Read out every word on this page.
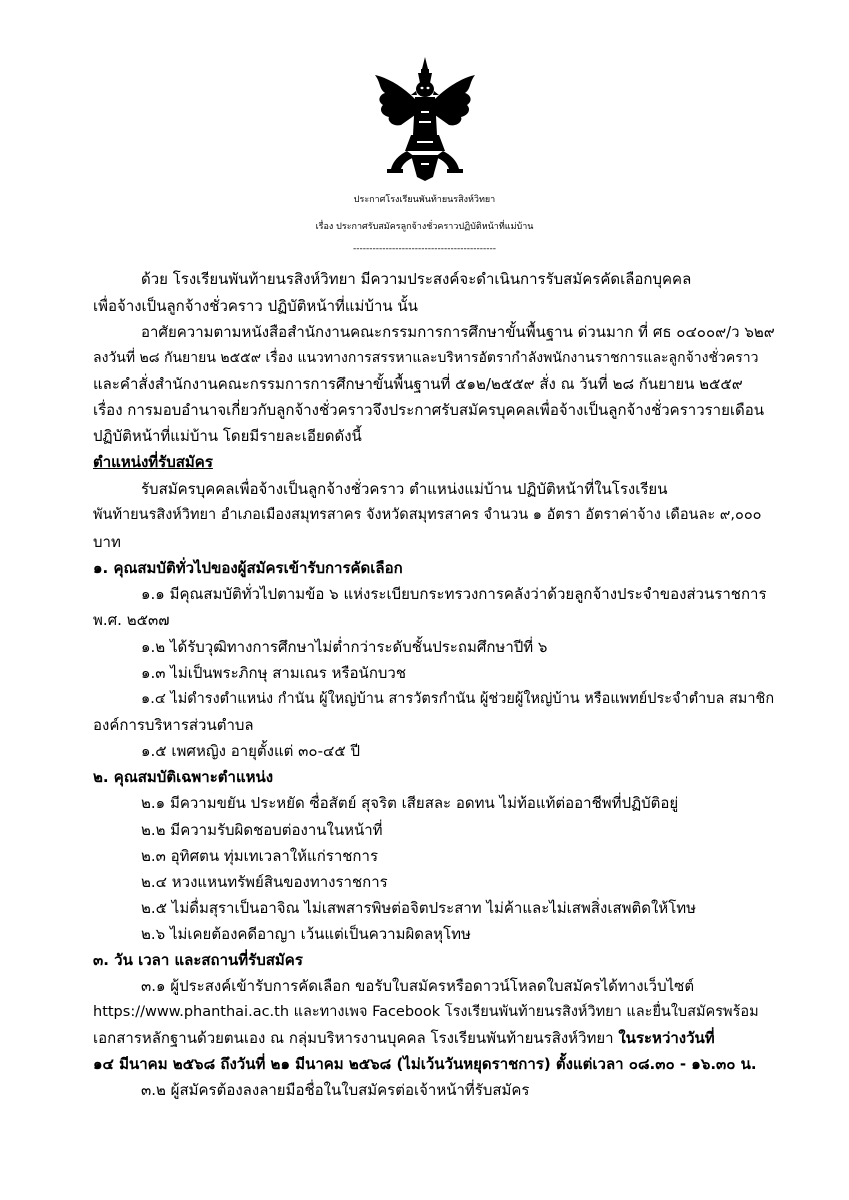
ประกาศโรงเรียนพันท้ายนรสิงห์วิทยา
เรื่อง ประกาศรับสมัครลูกจ้างชั่วคราวปฏิบัติหน้าที่แม่บ้าน
--------------------------------------------
ด้วย โรงเรียนพันท้ายนรสิงห์วิทยา มีความประสงค์จะดำเนินการรับสมัครคัดเลือกบุคคล
เพื่อจ้างเป็นลูกจ้างชั่วคราว ปฏิบัติหน้าที่แม่บ้าน นั้น
อาศัยความตามหนังสือสำนักงานคณะกรรมการการศึกษาขั้นพื้นฐาน ด่วนมาก ที่ ศธ ๐๔๐๐๙/ว ๖๒๙
ลงวันที่ ๒๘ กันยายน ๒๕๕๙ เรื่อง แนวทางการสรรหาและบริหารอัตรากำลังพนักงานราชการและลูกจ้างชั่วคราว
และคำสั่งสำนักงานคณะกรรมการการศึกษาขั้นพื้นฐานที่ ๕๑๒/๒๕๕๙ สั่ง ณ วันที่ ๒๘ กันยายน ๒๕๕๙
เรื่อง การมอบอำนาจเกี่ยวกับลูกจ้างชั่วคราวจึงประกาศรับสมัครบุคคลเพื่อจ้างเป็นลูกจ้างชั่วคราวรายเดือน
ปฏิบัติหน้าที่แม่บ้าน โดยมีรายละเอียดดังนี้
ตำแหน่งที่รับสมัคร
รับสมัครบุคคลเพื่อจ้างเป็นลูกจ้างชั่วคราว ตำแหน่งแม่บ้าน ปฏิบัติหน้าที่ในโรงเรียน
พันท้ายนรสิงห์วิทยา อำเภอเมืองสมุทรสาคร จังหวัดสมุทรสาคร จำนวน ๑ อัตรา อัตราค่าจ้าง เดือนละ ๙,๐๐๐
บาท
๑. คุณสมบัติทั่วไปของผู้สมัครเข้ารับการคัดเลือก
๑.๑ มีคุณสมบัติทั่วไปตามข้อ ๖ แห่งระเบียบกระทรวงการคลังว่าด้วยลูกจ้างประจำของส่วนราชการ
พ.ศ. ๒๕๓๗
๑.๒ ได้รับวุฒิทางการศึกษาไม่ต่ำกว่าระดับชั้นประถมศึกษาปีที่ ๖
๑.๓ ไม่เป็นพระภิกษุ สามเณร หรือนักบวช
๑.๔ ไม่ดำรงตำแหน่ง กำนัน ผู้ใหญ่บ้าน สารวัตรกำนัน ผู้ช่วยผู้ใหญ่บ้าน หรือแพทย์ประจำตำบล สมาชิก
องค์การบริหารส่วนตำบล
๑.๕ เพศหญิง อายุตั้งแต่ ๓๐-๔๕ ปี
๒. คุณสมบัติเฉพาะตำแหน่ง
๒.๑ มีความขยัน ประหยัด ซื่อสัตย์ สุจริต เสียสละ อดทน ไม่ท้อแท้ต่ออาชีพที่ปฏิบัติอยู่
๒.๒ มีความรับผิดชอบต่องานในหน้าที่
๒.๓ อุทิศตน ทุ่มเทเวลาให้แก่ราชการ
๒.๔ หวงแหนทรัพย์สินของทางราชการ
๒.๕ ไม่ดื่มสุราเป็นอาจิณ ไม่เสพสารพิษต่อจิตประสาท ไม่ค้าและไม่เสพสิ่งเสพติดให้โทษ
๒.๖ ไม่เคยต้องคดีอาญา เว้นแต่เป็นความผิดลหุโทษ
๓. วัน เวลา และสถานที่รับสมัคร
๓.๑ ผู้ประสงค์เข้ารับการคัดเลือก ขอรับใบสมัครหรือดาวน์โหลดใบสมัครได้ทางเว็บไซต์
https://www.phanthai.ac.th และทางเพจ Facebook โรงเรียนพันท้ายนรสิงห์วิทยา และยื่นใบสมัครพร้อม
เอกสารหลักฐานด้วยตนเอง ณ กลุ่มบริหารงานบุคคล โรงเรียนพันท้ายนรสิงห์วิทยา ในระหว่างวันที่
๑๔ มีนาคม ๒๕๖๘ ถึงวันที่ ๒๑ มีนาคม ๒๕๖๘ (ไม่เว้นวันหยุดราชการ) ตั้งแต่เวลา ๐๘.๓๐ - ๑๖.๓๐ น.
๓.๒ ผู้สมัครต้องลงลายมือชื่อในใบสมัครต่อเจ้าหน้าที่รับสมัคร
